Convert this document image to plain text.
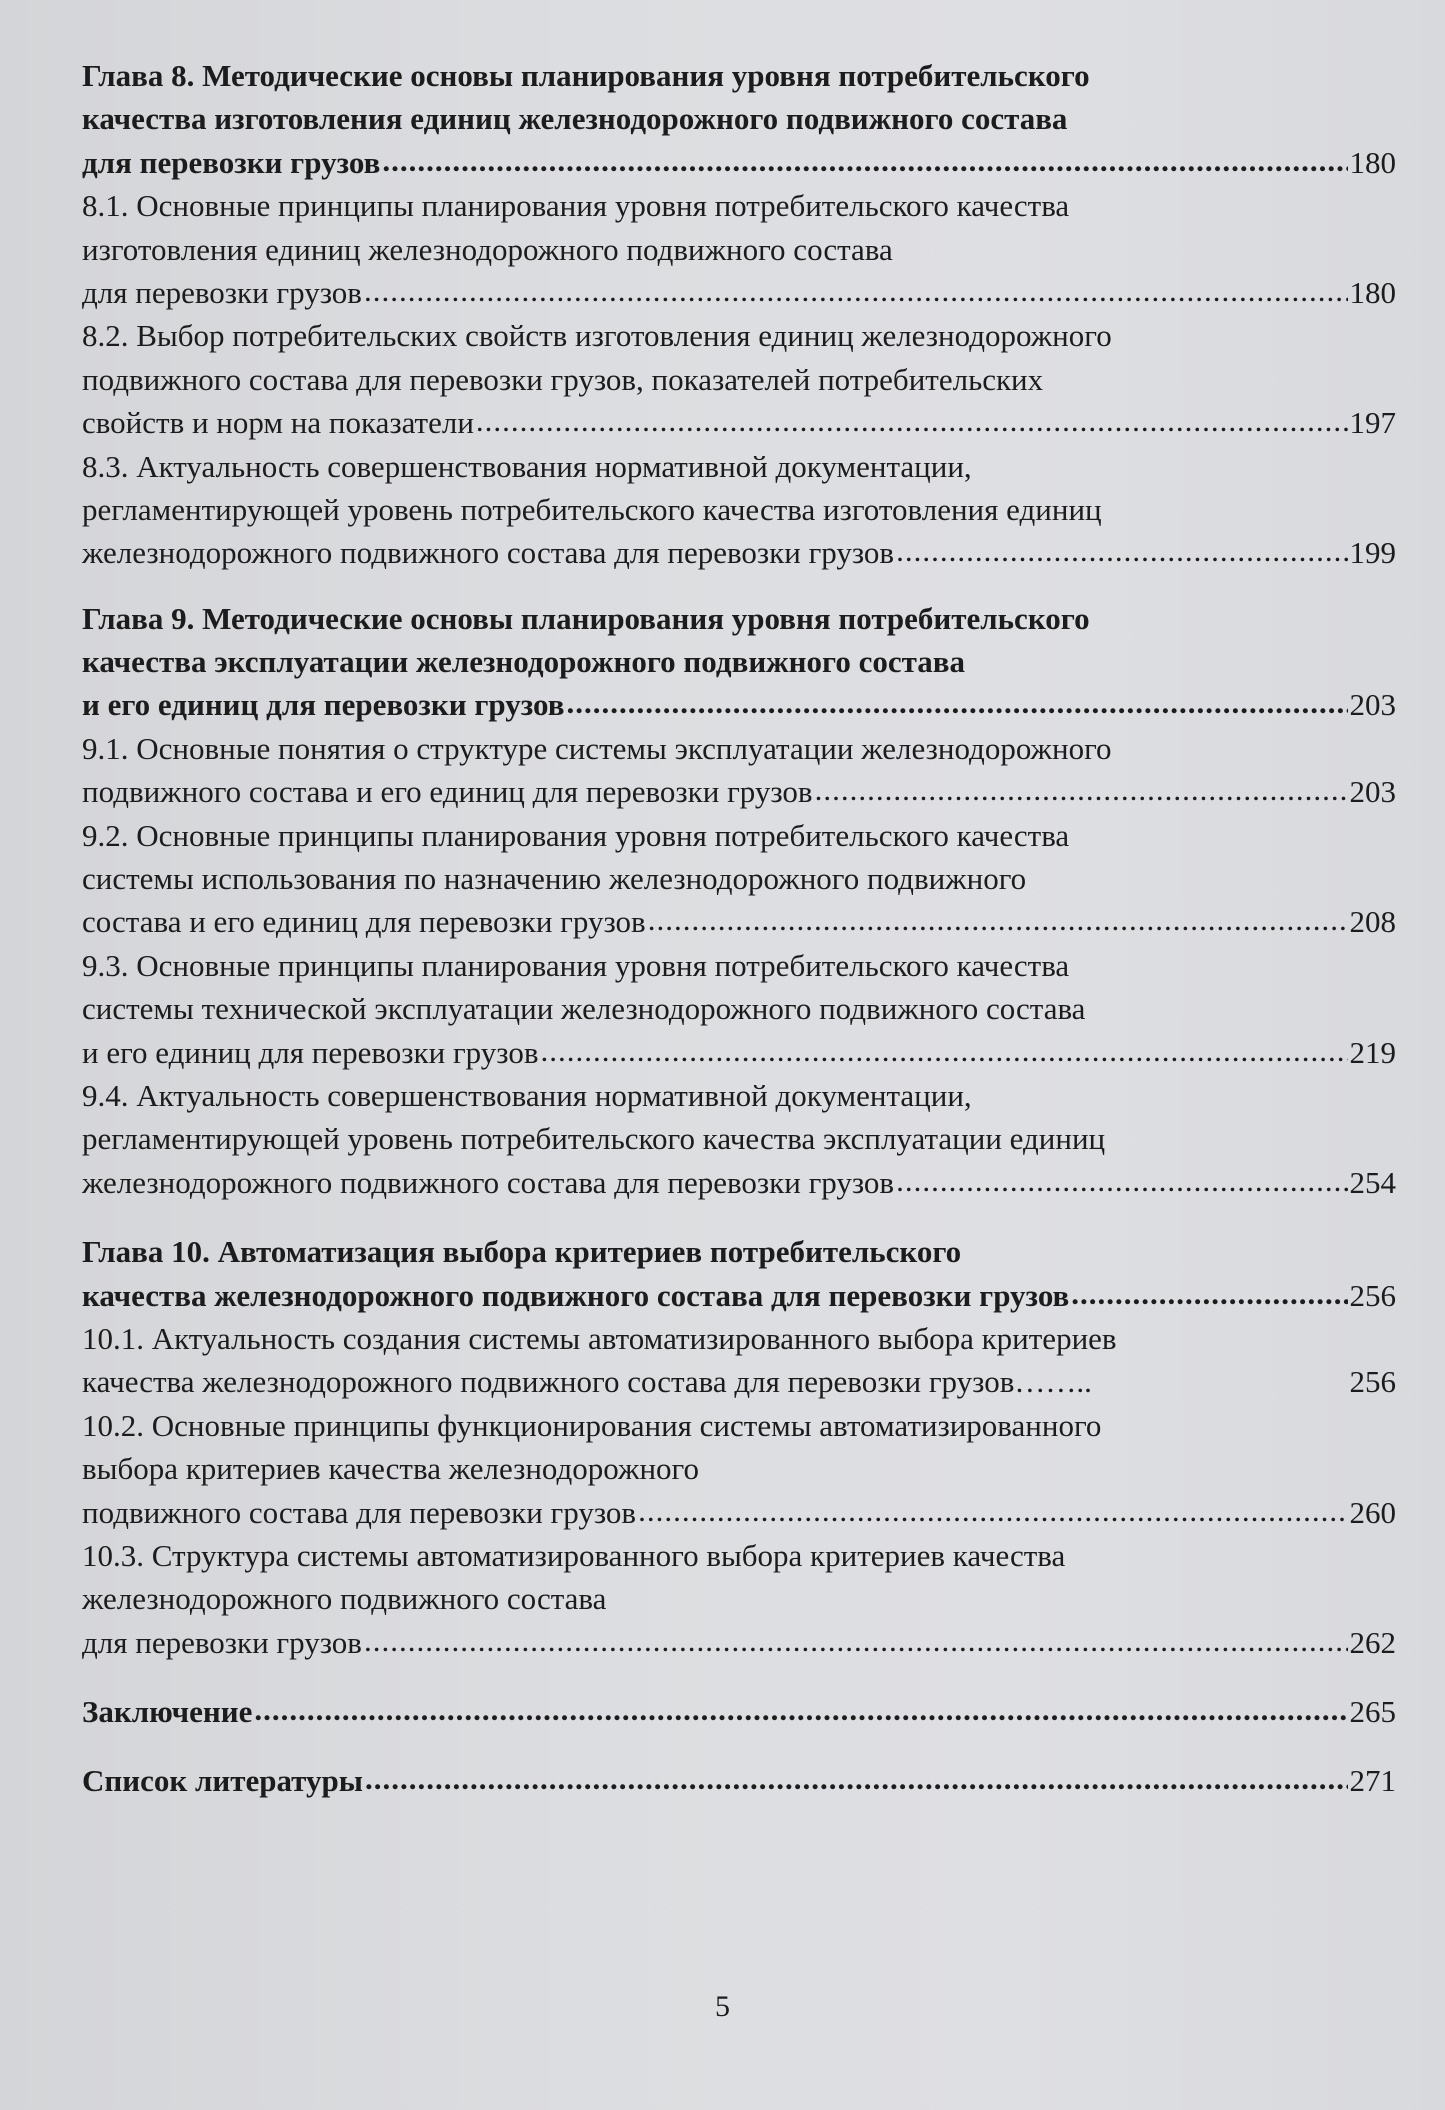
Глава 8. Методические основы планирования уровня потребительского
качества изготовления единиц железнодорожного подвижного состава
для перевозки грузов .....	180
8.1. Основные принципы планирования уровня потребительского качества
изготовления единиц железнодорожного подвижного состава
для перевозки грузов .....	180
8.2. Выбор потребительских свойств изготовления единиц железнодорожного
подвижного состава для перевозки грузов, показателей потребительских
свойств и норм на показатели .....	197
8.3. Актуальность совершенствования нормативной документации,
регламентирующей уровень потребительского качества изготовления единиц
железнодорожного подвижного состава для перевозки грузов .....	199
Глава 9. Методические основы планирования уровня потребительского
качества эксплуатации железнодорожного подвижного состава
и его единиц для перевозки грузов .....	203
9.1. Основные понятия о структуре системы эксплуатации железнодорожного
подвижного состава и его единиц для перевозки грузов .....	203
9.2. Основные принципы планирования уровня потребительского качества
системы использования по назначению железнодорожного подвижного
состава и его единиц для перевозки грузов .....	208
9.3. Основные принципы планирования уровня потребительского качества
системы технической эксплуатации железнодорожного подвижного состава
и его единиц для перевозки грузов .....	219
9.4. Актуальность совершенствования нормативной документации,
регламентирующей уровень потребительского качества эксплуатации единиц
железнодорожного подвижного состава для перевозки грузов .....	254
Глава 10. Автоматизация выбора критериев потребительского
качества железнодорожного подвижного состава для перевозки грузов .....	256
10.1. Актуальность создания системы автоматизированного выбора критериев
качества железнодорожного подвижного состава для перевозки грузов……..	256
10.2. Основные принципы функционирования системы автоматизированного
выбора критериев качества железнодорожного
подвижного состава для перевозки грузов .....	260
10.3. Структура системы автоматизированного выбора критериев качества
железнодорожного подвижного состава
для перевозки грузов .....	262
Заключение .....	265
Список литературы .....	271
5
